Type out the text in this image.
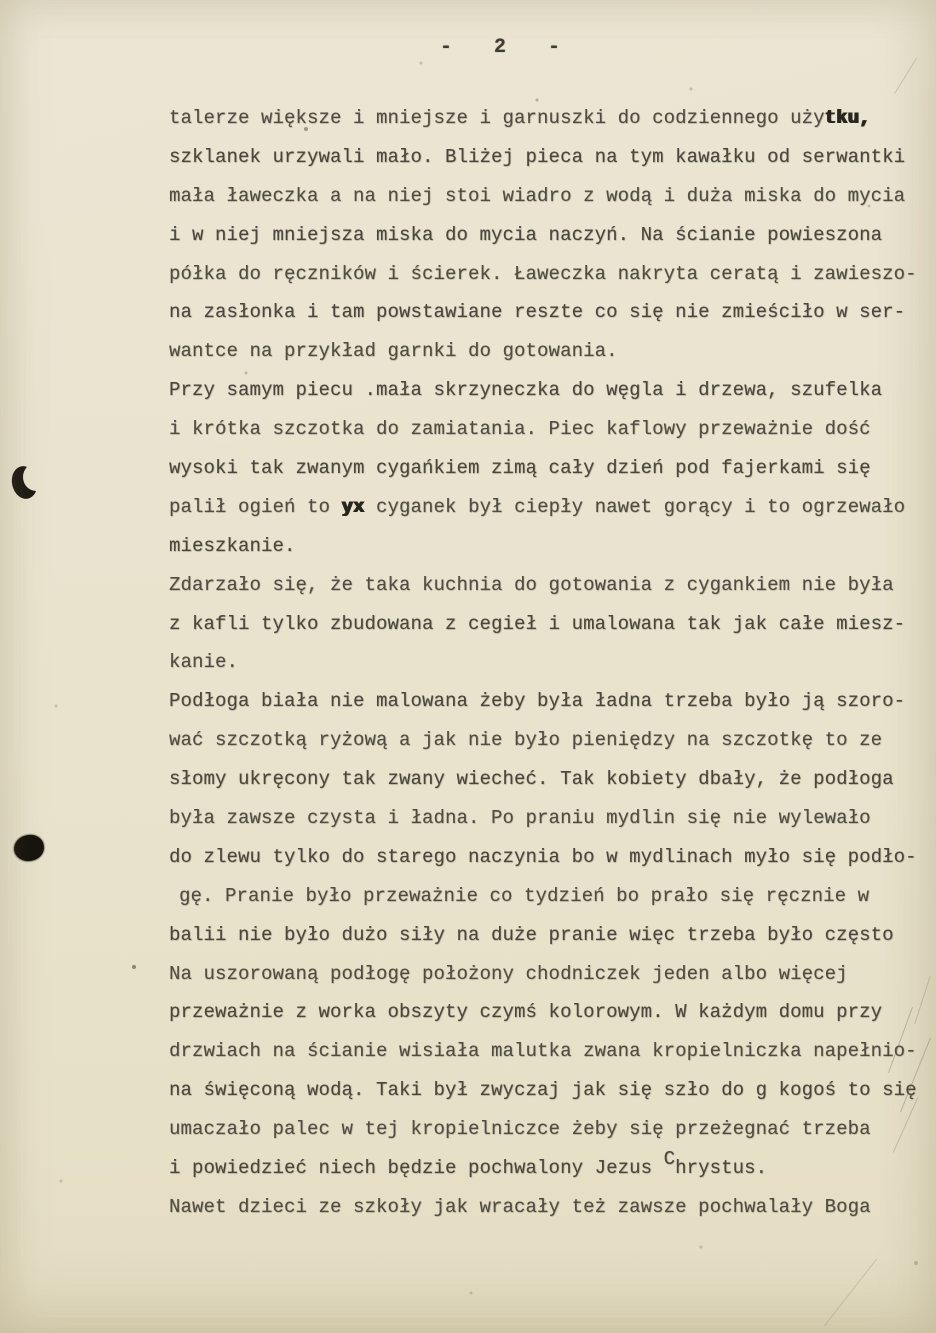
- 2 -
talerze większe i mniejsze i garnuszki do codziennego użytku,
szklanek urzywali mało. Bliżej pieca na tym kawałku od serwantki
mała ławeczka a na niej stoi wiadro z wodą i duża miska do mycia
i w niej mniejsza miska do mycia naczyń. Na ścianie powieszona
półka do ręczników i ścierek. Ławeczka nakryta ceratą i zawieszo-
na zasłonka i tam powstawiane reszte co się nie zmieściło w ser-
wantce na przykład garnki do gotowania.
Przy samym piecu .mała skrzyneczka do węgla i drzewa, szufelka
i krótka szczotka do zamiatania. Piec kaflowy przeważnie dość
wysoki tak zwanym cygańkiem zimą cały dzień pod fajerkami się
palił ogień to yx cyganek był ciepły nawet gorący i to ogrzewało
mieszkanie.
Zdarzało się, że taka kuchnia do gotowania z cygankiem nie była
z kafli tylko zbudowana z cegieł i umalowana tak jak całe miesz-
kanie.
Podłoga biała nie malowana żeby była ładna trzeba było ją szoro-
wać szczotką ryżową a jak nie było pieniędzy na szczotkę to ze
słomy ukręcony tak zwany wiecheć. Tak kobiety dbały, że podłoga
była zawsze czysta i ładna. Po praniu mydlin się nie wylewało
do zlewu tylko do starego naczynia bo w mydlinach myło się podło-
gę. Pranie było przeważnie co tydzień bo prało się ręcznie w
balii nie było dużo siły na duże pranie więc trzeba było często
Na uszorowaną podłogę położony chodniczek jeden albo więcej
przeważnie z worka obszyty czymś kolorowym. W każdym domu przy
drzwiach na ścianie wisiała malutka zwana kropielniczka napełnio-
na święconą wodą. Taki był zwyczaj jak się szło do g kogoś to się
umaczało palec w tej kropielniczce żeby się przeżegnać trzeba
i powiedzieć niech będzie pochwalony Jezus Chrystus.
Nawet dzieci ze szkoły jak wracały też zawsze pochwalały Boga
